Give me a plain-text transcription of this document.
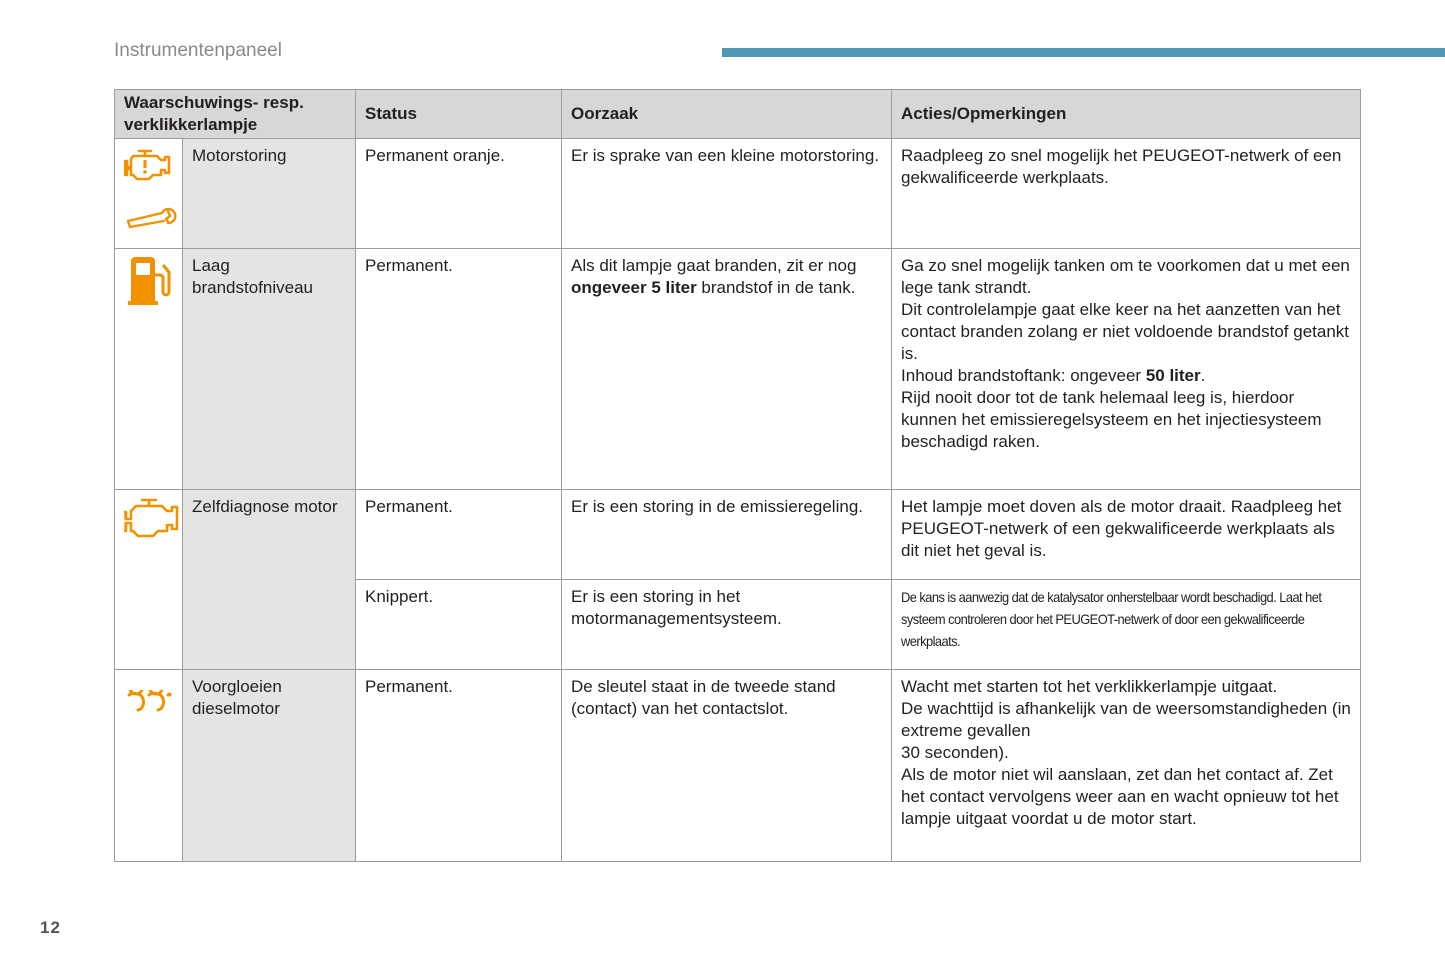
Instrumentenpaneel
Waarschuwings- resp. verklikkerlampje		Status	Oorzaak	Acties/Opmerkingen

	Motorstoring	Permanent oranje.	Er is sprake van een kleine motorstoring.	Raadpleeg zo snel mogelijk het PEUGEOT-netwerk of een gekwalificeerde werkplaats.

	Laag brandstofniveau	Permanent.	Als dit lampje gaat branden, zit er nog ongeveer 5 liter brandstof in de tank.	Ga zo snel mogelijk tanken om te voorkomen dat u met een lege tank strandt.
Dit controlelampje gaat elke keer na het aanzetten van het contact branden zolang er niet voldoende brandstof getankt is.
Inhoud brandstoftank: ongeveer 50 liter.
Rijd nooit door tot de tank helemaal leeg is, hierdoor kunnen het emissieregelsysteem en het injectiesysteem beschadigd raken.

	Zelfdiagnose motor	Permanent.	Er is een storing in de emissieregeling.	Het lampje moet doven als de motor draait. Raadpleeg het PEUGEOT-netwerk of een gekwalificeerde werkplaats als dit niet het geval is.
		Knippert.	Er is een storing in het motormanagementsysteem.	De kans is aanwezig dat de katalysator onherstelbaar wordt beschadigd. Laat het systeem controleren door het PEUGEOT-netwerk of door een gekwalificeerde werkplaats.

	Voorgloeien dieselmotor	Permanent.	De sleutel staat in de tweede stand (contact) van het contactslot.	Wacht met starten tot het verklikkerlampje uitgaat.
De wachttijd is afhankelijk van de weersomstandigheden (in extreme gevallen
30 seconden).
Als de motor niet wil aanslaan, zet dan het contact af. Zet het contact vervolgens weer aan en wacht opnieuw tot het lampje uitgaat voordat u de motor start.
12
